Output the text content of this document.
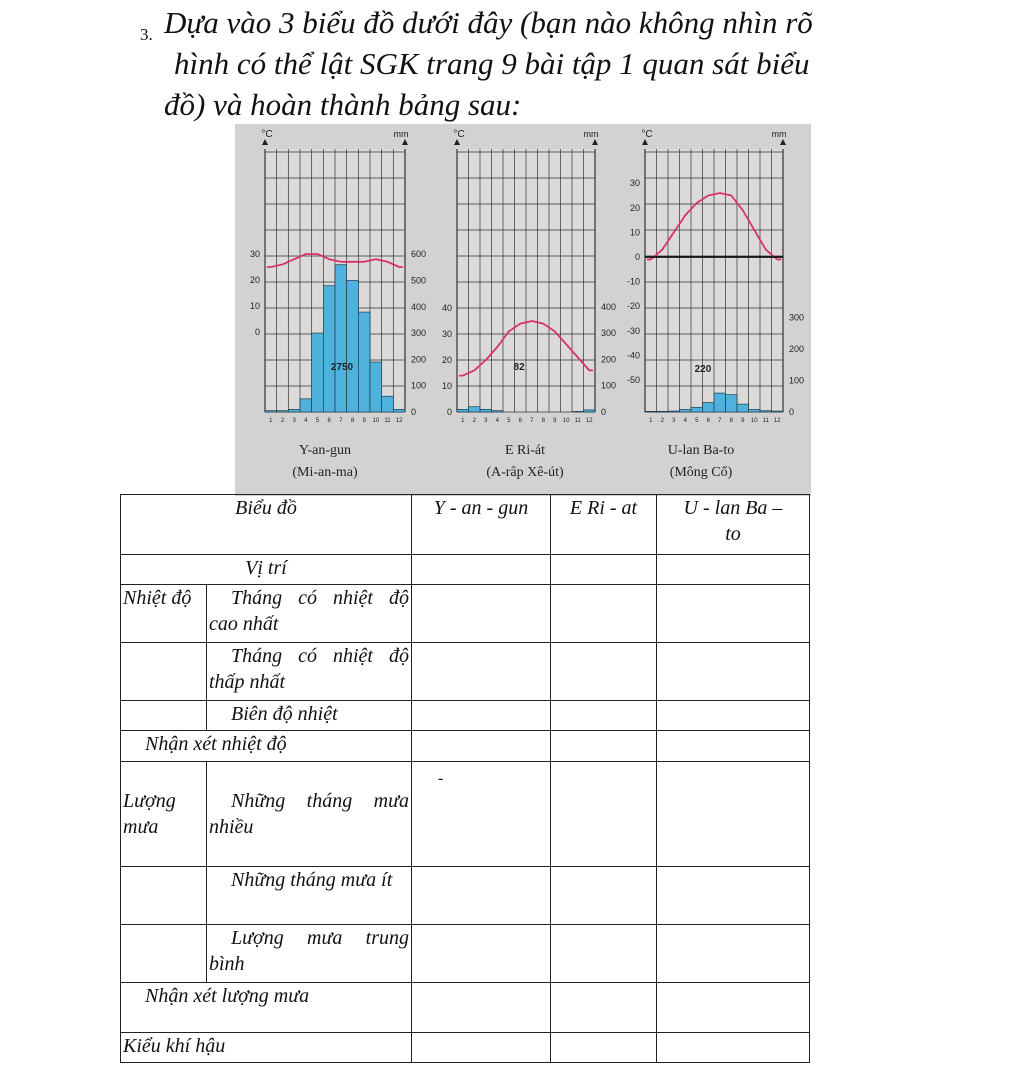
3. Dựa vào 3 biểu đồ dưới đây (bạn nào không nhìn rõ
hình có thể lật SGK trang 9 bài tập 1 quan sát biểu
đồ) và hoàn thành bảng sau:
°C	mm
0
10
20
30
0
100
200
300
400
500
600
1 2 3 4 5 6 7 8 9 10 11 12
2750
°C	mm
0
10
20
30
40
0
100
200
300
400
1 2 3 4 5 6 7 8 9 10 11 12
82
°C	mm
30
20
10
0
-10
-20
-30
-40
-50
0
100
200
300
1 2 3 4 5 6 7 8 9 10 11 12
220
Y-an-gun
(Mi-an-ma)
E Ri-át
(A-râp Xê-út)
U-lan Ba-to
(Mông Cổ)
Biểu đồ		Y - an - gun	E Ri - at	U - lan Ba –
to
Vị trí				
Nhiệt độ	Tháng có nhiệt độ cao nhất			
	Tháng có nhiệt độ thấp nhất			
	Biên độ nhiệt			
Nhận xét nhiệt độ				
Lượng mưa	Những tháng mưa nhiều			
	Những tháng mưa ít			
	Lượng mưa trung bình			
Nhận xét lượng mưa				
Kiểu khí hậu				
-
